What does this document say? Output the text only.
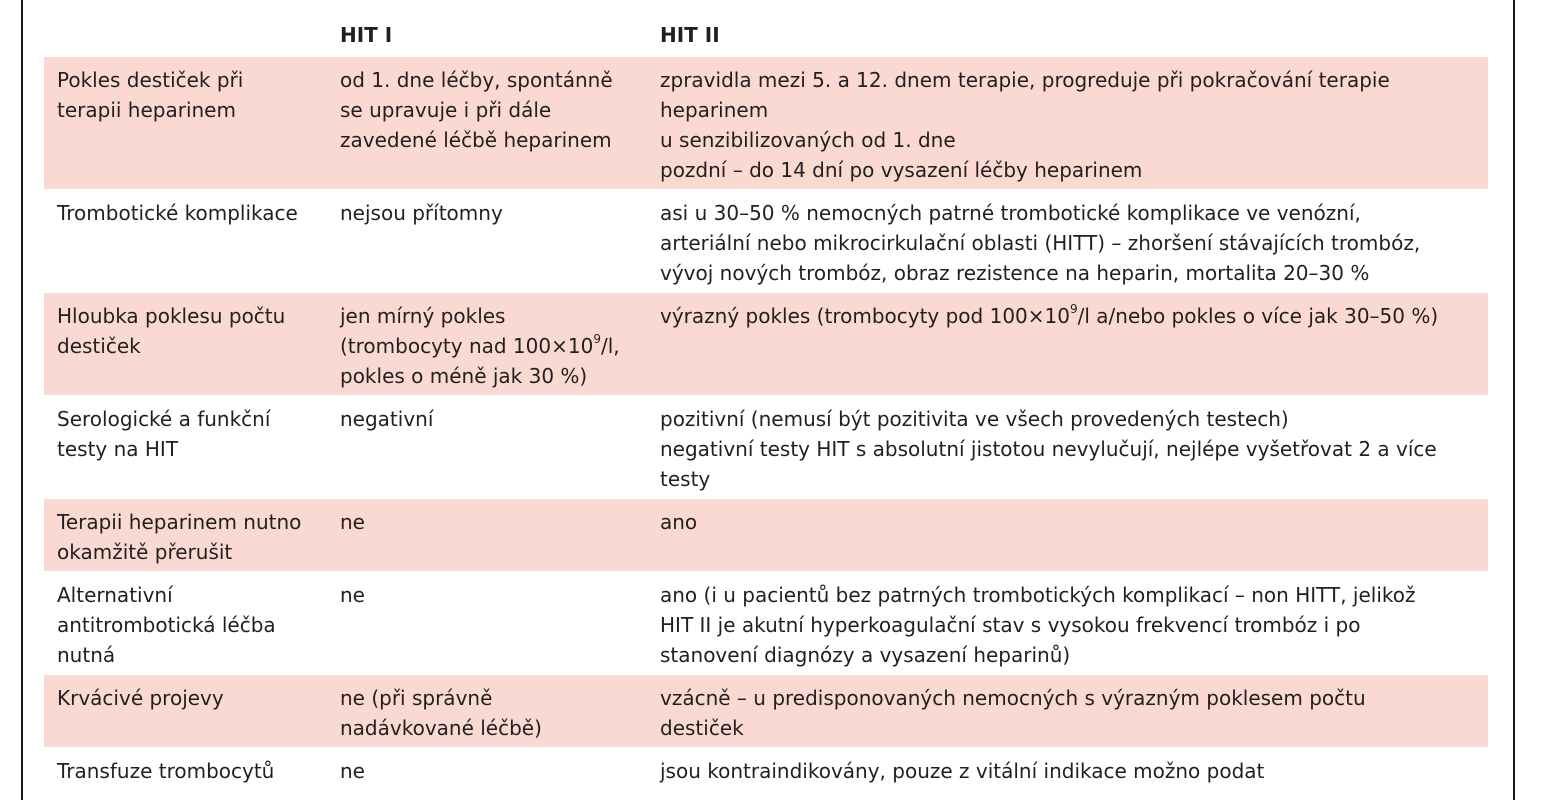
	HIT I	HIT II

Pokles destiček při
terapii heparinem	od 1. dne léčby, spontánně
se upravuje i při dále
zavedené léčbě heparinem	zpravidla mezi 5. a 12. dnem terapie, progreduje při pokračování terapie
heparinem
u senzibilizovaných od 1. dne
pozdní – do 14 dní po vysazení léčby heparinem

Trombotické komplikace	nejsou přítomny	asi u 30–50 % nemocných patrné trombotické komplikace ve venózní,
arteriální nebo mikrocirkulační oblasti (HITT) – zhoršení stávajících trombóz,
vývoj nových trombóz, obraz rezistence na heparin, mortalita 20–30 %

Hloubka poklesu počtu
destiček	jen mírný pokles
(trombocyty nad $100\times 10^9/l$,
pokles o méně jak 30 %)	výrazný pokles (trombocyty pod $100\times 10^9/l$ a/nebo pokles o více jak 30–50 %)

Serologické a funkční
testy na HIT	negativní	pozitivní (nemusí být pozitivita ve všech provedených testech)
negativní testy HIT s absolutní jistotou nevylučují, nejlépe vyšetřovat 2 a více
testy

Terapii heparinem nutno
okamžitě přerušit	ne	ano

Alternativní
antitrombotická léčba
nutná	ne	ano (i u pacientů bez patrných trombotických komplikací – non HITT, jelikož
HIT II je akutní hyperkoagulační stav s vysokou frekvencí trombóz i po
stanovení diagnózy a vysazení heparinů)

Krvácivé projevy	ne (při správně
nadávkované léčbě)	vzácně – u predisponovaných nemocných s výrazným poklesem počtu
destiček

Transfuze trombocytů	ne	jsou kontraindikovány, pouze z vitální indikace možno podat
